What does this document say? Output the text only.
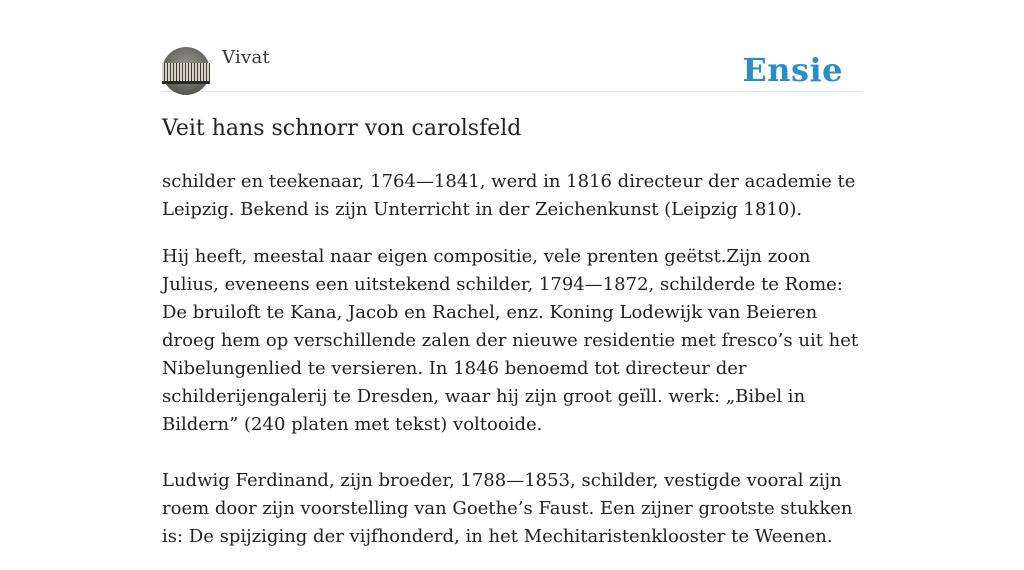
Vivat	Ensie
Veit hans schnorr von carolsfeld

schilder en teekenaar, 1764—1841, werd in 1816 directeur der academie te Leipzig. Bekend is zijn Unterricht in der Zeichenkunst (Leipzig 1810).

Hij heeft, meestal naar eigen compositie, vele prenten geëtst.Zijn zoon Julius, eveneens een uitstekend schilder, 1794—1872, schilderde te Rome: De bruiloft te Kana, Jacob en Rachel, enz. Koning Lodewijk van Beieren droeg hem op verschillende zalen der nieuwe residentie met fresco’s uit het Nibelungenlied te versieren. In 1846 benoemd tot directeur der schilderijengalerij te Dresden, waar hij zijn groot geïll. werk: „Bibel in Bildern” (240 platen met tekst) voltooide.

Ludwig Ferdinand, zijn broeder, 1788—1853, schilder, vestigde vooral zijn roem door zijn voorstelling van Goethe’s Faust. Een zijner grootste stukken is: De spijziging der vijfhonderd, in het Mechitaristenklooster te Weenen.
